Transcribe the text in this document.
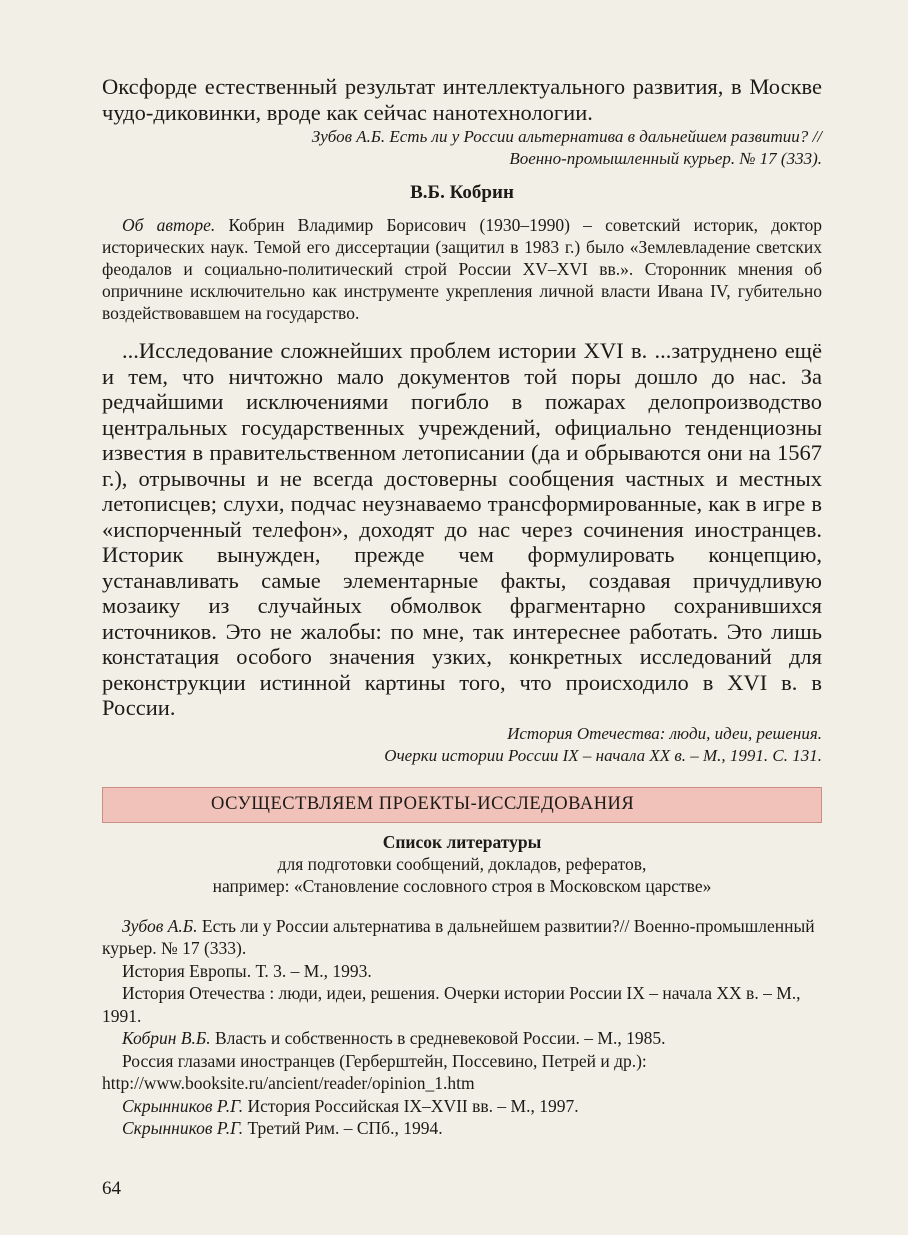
Оксфорде естественный результат интеллектуального развития, в Москве чудо-диковинки, вроде как сейчас нанотехнологии.

Зубов А.Б. Есть ли у России альтернатива в дальнейшем развитии? //
Военно-промышленный курьер. № 17 (333).
В.Б. Кобрин

Об авторе. Кобрин Владимир Борисович (1930–1990) – советский историк, доктор исторических наук. Темой его диссертации (защитил в 1983 г.) было «Землевладение светских феодалов и социально-политический строй России XV–XVI вв.». Сторонник мнения об опричнине исключительно как инструменте укрепления личной власти Ивана IV, губительно воздействовавшем на государство.

...Исследование сложнейших проблем истории XVI в. ...затруднено ещё и тем, что ничтожно мало документов той поры дошло до нас. За редчайшими исключениями погибло в пожарах делопроизводство центральных государственных учреждений, официально тенденциозны известия в правительственном летописании (да и обрываются они на 1567 г.), отрывочны и не всегда достоверны сообщения частных и местных летописцев; слухи, подчас неузнаваемо трансформированные, как в игре в «испорченный телефон», доходят до нас через сочинения иностранцев. Историк вынужден, прежде чем формулировать концепцию, устанавливать самые элементарные факты, создавая причудливую мозаику из случайных обмолвок фрагментарно сохранившихся источников. Это не жалобы: по мне, так интереснее работать. Это лишь констатация особого значения узких, конкретных исследований для реконструкции истинной картины того, что происходило в XVI в. в России.

История Отечества: люди, идеи, решения.
Очерки истории России IX – начала XX в. – М., 1991. С. 131.
ОСУЩЕСТВЛЯЕМ ПРОЕКТЫ-ИССЛЕДОВАНИЯ
Список литературы
для подготовки сообщений, докладов, рефератов,
например: «Становление сословного строя в Московском царстве»

Зубов А.Б. Есть ли у России альтернатива в дальнейшем развитии?// Военно-промышленный курьер. № 17 (333).

История Европы. Т. 3. – М., 1993.

История Отечества : люди, идеи, решения. Очерки истории России IX – начала XX в. – М., 1991.

Кобрин В.Б. Власть и собственность в средневековой России. – М., 1985.

Россия глазами иностранцев (Герберштейн, Поссевино, Петрей и др.): http://www.booksite.ru/ancient/reader/opinion_1.htm

Скрынников Р.Г. История Российская IX–XVII вв. – М., 1997.

Скрынников Р.Г. Третий Рим. – СПб., 1994.

64
